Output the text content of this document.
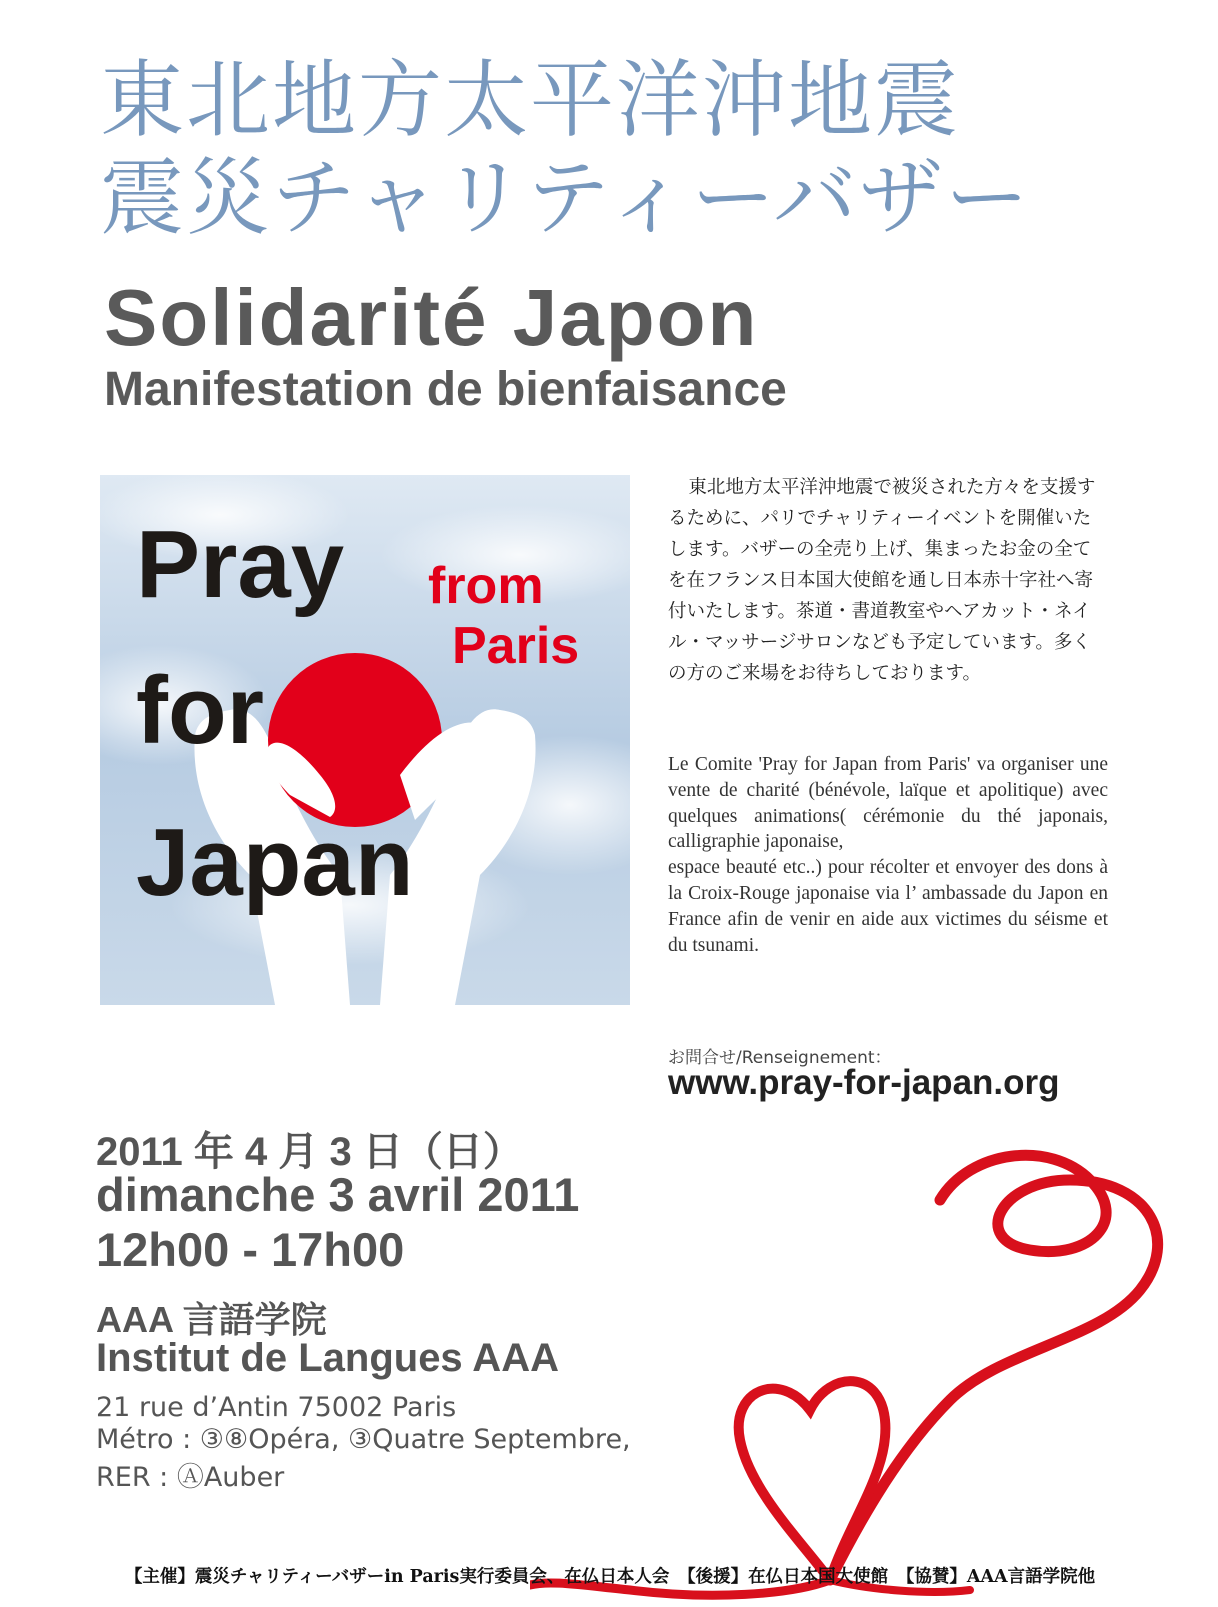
東北地方太平洋沖地震
震災チャリティーバザー
Solidarité Japon
Manifestation de bienfaisance
Pray
for
Japan
from
Paris
東北地方太平洋沖地震で被災された方々を支援するために、パリでチャリティーイベントを開催いたします。バザーの全売り上げ、集まったお金の全てを在フランス日本国大使館を通し日本赤十字社へ寄付いたします。茶道・書道教室やヘアカット・ネイル・マッサージサロンなども予定しています。多くの方のご来場をお待ちしております。
Le Comite 'Pray for Japan from Paris' va organiser une vente de charité (bénévole, laïque et apolitique) avec quelques animations( cérémonie du thé japonais, calligraphie japonaise,
espace beauté etc..) pour récolter et envoyer des dons à la Croix-Rouge japonaise via l’ ambassade du Japon en France afin de venir en aide aux victimes du séisme et du tsunami.
お問合せ/Renseignement：
www.pray-for-japan.org
2011 年 4 月 3 日（日）
dimanche 3 avril 2011
12h00 - 17h00
AAA 言語学院
Institut de Langues AAA
21 rue d’Antin 75002 Paris
Métro : ③⑧Opéra, ③Quatre Septembre,
RER : ⒶAuber
【主催】震災チャリティーバザーin Paris実行委員会、在仏日本人会　【後援】在仏日本国大使館　【協賛】AAA言語学院他
